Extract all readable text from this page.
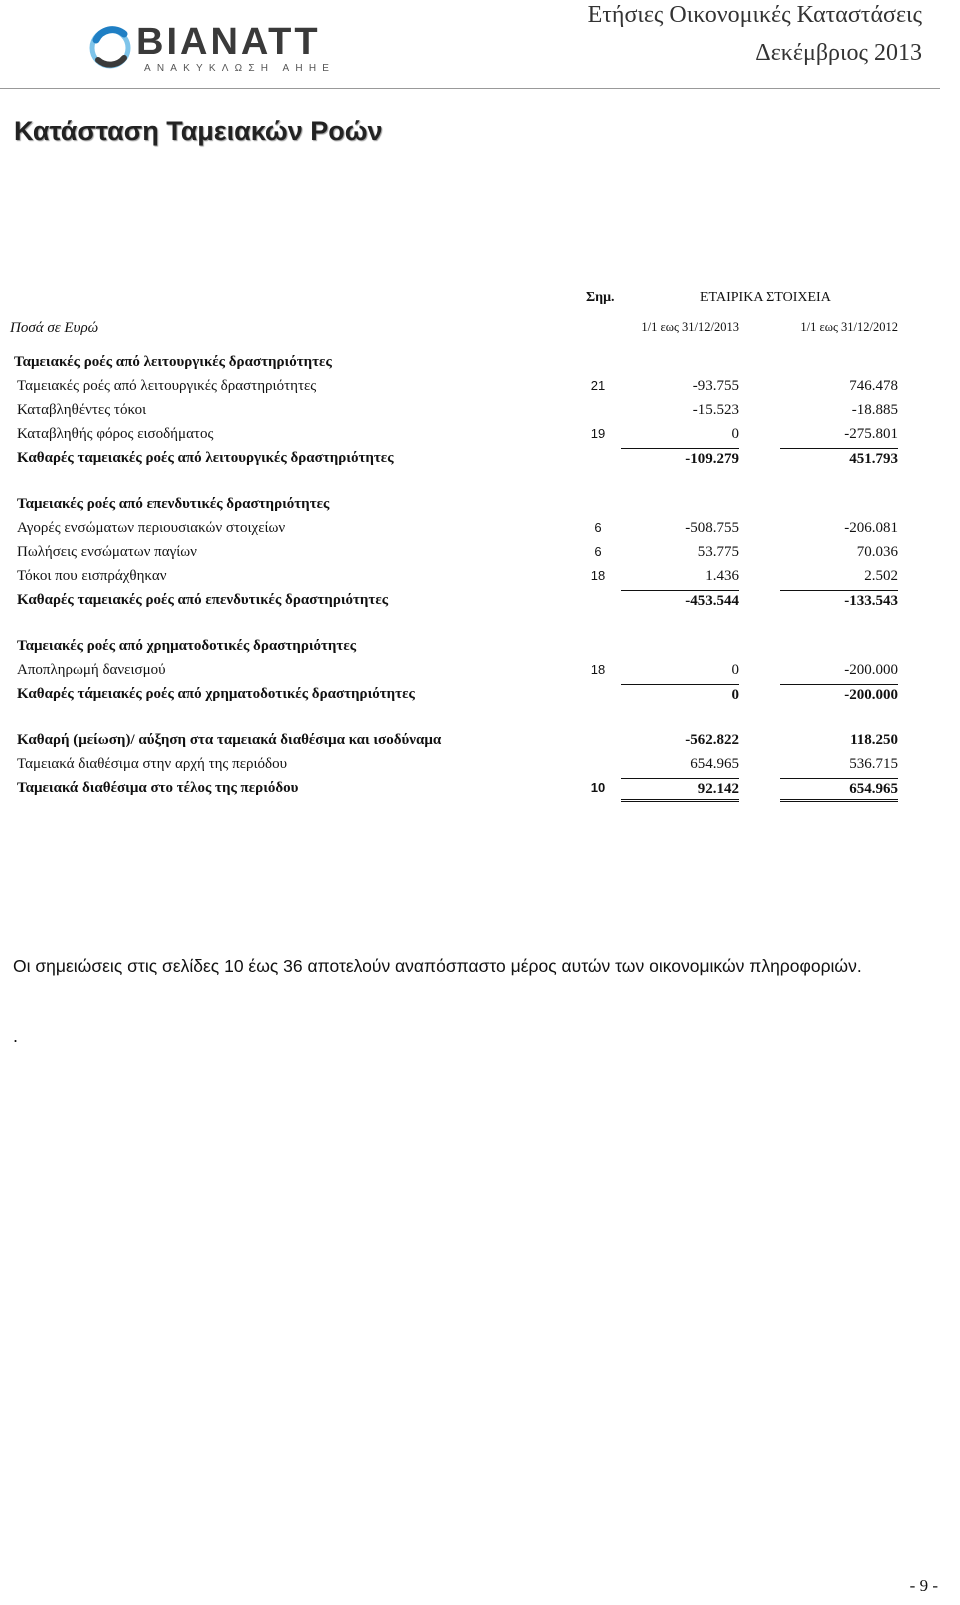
ΒΙΑΝΑΤΤ
ΑΝΑΚΥΚΛΩΣΗ ΑΗΗΕ
Ετήσιες Οικονομικές Καταστάσεις
Δεκέμβριος 2013
Κατάσταση Ταμειακών Ροών
Σημ.	ΕΤΑΙΡΙΚΑ ΣΤΟΙΧΕΙΑ
Ποσά σε Ευρώ	1/1 εως 31/12/2013	1/1 εως 31/12/2012
Ταμειακές ροές από λειτουργικές δραστηριότητες
Ταμειακές ροές από λειτουργικές δραστηριότητες	21	-93.755	746.478
Καταβληθέντες τόκοι	-15.523	-18.885
Καταβληθής φόρος εισοδήματος	19	0	-275.801
Καθαρές ταμειακές ροές από λειτουργικές δραστηριότητες	-109.279	451.793
Ταμειακές ροές από επενδυτικές δραστηριότητες
Αγορές ενσώματων περιουσιακών στοιχείων	6	-508.755	-206.081
Πωλήσεις ενσώματων παγίων	6	53.775	70.036
Τόκοι που εισπράχθηκαν	18	1.436	2.502
Καθαρές ταμειακές ροές από επενδυτικές δραστηριότητες	-453.544	-133.543
Ταμειακές ροές από χρηματοδοτικές δραστηριότητες
Αποπληρωμή δανεισμού	18	0	-200.000
Καθαρές τάμειακές ροές από χρηματοδοτικές δραστηριότητες	0	-200.000
Καθαρή (μείωση)/ αύξηση στα ταμειακά διαθέσιμα και ισοδύναμα	-562.822	118.250
Ταμειακά διαθέσιμα στην αρχή της περιόδου	654.965	536.715
Ταμειακά διαθέσιμα στο τέλος της περιόδου	10	92.142	654.965
Οι σημειώσεις στις σελίδες 10 έως 36 αποτελούν αναπόσπαστο μέρος αυτών των οικονομικών πληροφοριών.
.
- 9 -
